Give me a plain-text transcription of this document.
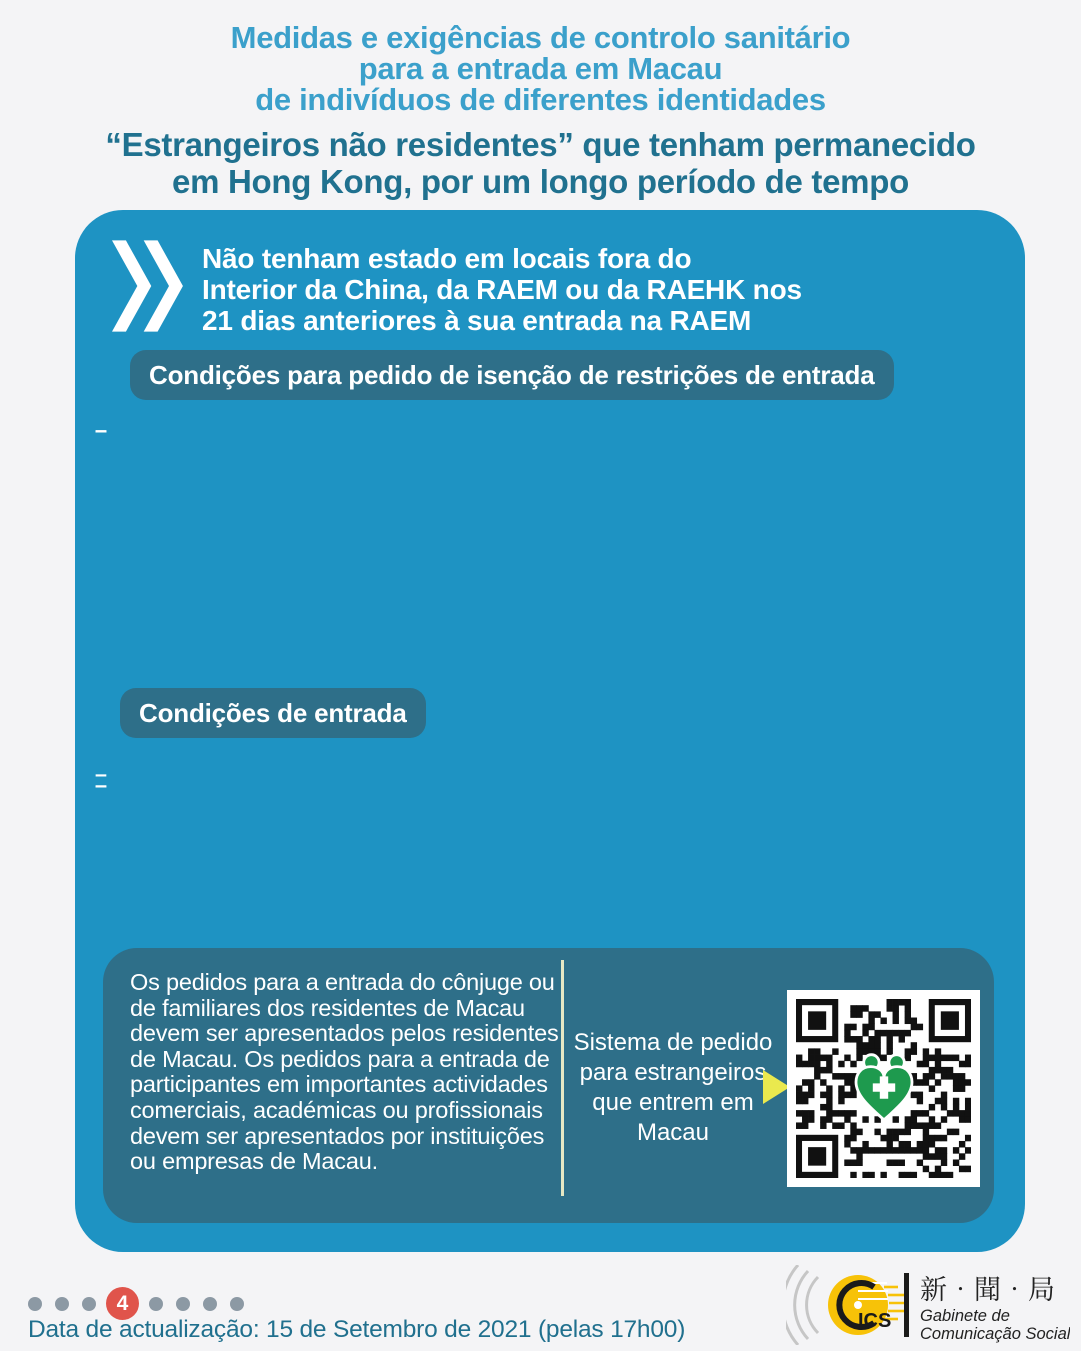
Medidas e exigências de controlo sanitário
para a entrada em Macau
de indivíduos de diferentes identidades
“Estrangeiros não residentes” que tenham permanecido
em Hong Kong, por um longo período de tempo
Não tenham estado em locais fora do
Interior da China, da RAEM ou da RAEHK nos
21 dias anteriores à sua entrada na RAEM
Condições para pedido de isenção de restrições de entrada
Condições de entrada
Os pedidos para a entrada do cônjuge ou de familiares dos residentes de Macau devem ser apresentados pelos residentes de Macau. Os pedidos para a entrada de participantes em importantes actividades comerciais, académicas ou profissionais devem ser apresentados por instituições ou empresas de Macau.
Sistema de pedido
para estrangeiros
que entrem em
Macau
4
Data de actualização: 15 de Setembro de 2021 (pelas 17h00)	ICS
新‧聞‧局
Gabinete de
Comunicação Social
